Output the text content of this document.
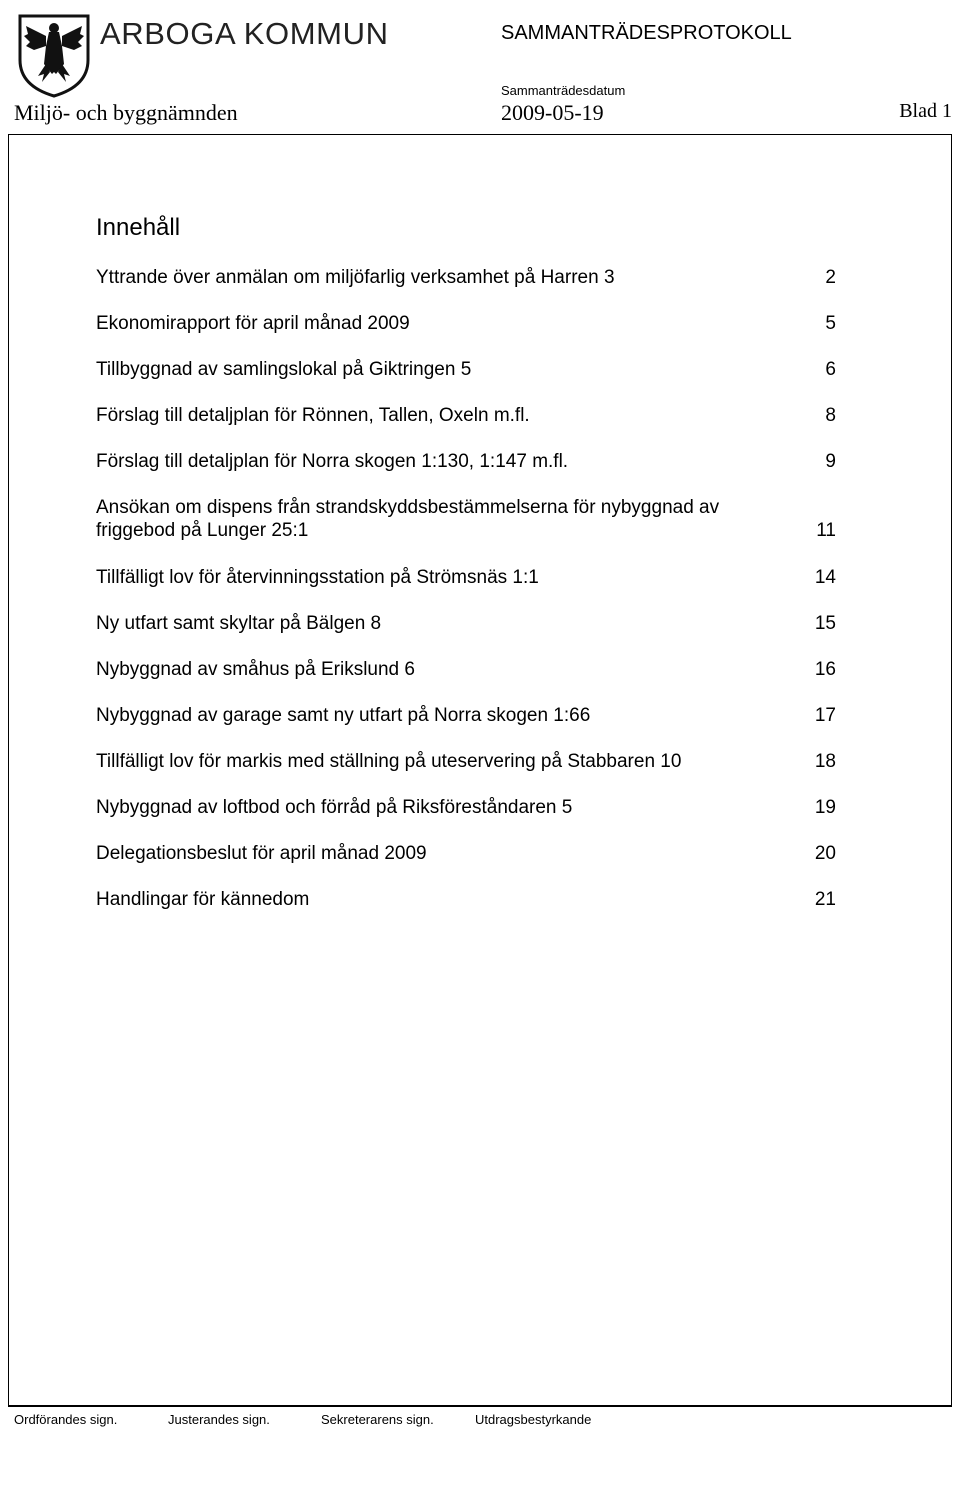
ARBOGA KOMMUN	SAMMANTRÄDESPROTOKOLL
Sammanträdesdatum
Miljö- och byggnämnden	2009-05-19	Blad 1
Innehåll
Yttrande över anmälan om miljöfarlig verksamhet på Harren 3	2
Ekonomirapport för april månad 2009	5
Tillbyggnad av samlingslokal på Giktringen 5	6
Förslag till detaljplan för Rönnen, Tallen, Oxeln m.fl.	8
Förslag till detaljplan för Norra skogen 1:130, 1:147 m.fl.	9
Ansökan om dispens från strandskyddsbestämmelserna för nybyggnad av friggebod på Lunger 25:1	11
Tillfälligt lov för återvinningsstation på Strömsnäs 1:1	14
Ny utfart samt skyltar på Bälgen 8	15
Nybyggnad av småhus på Erikslund 6	16
Nybyggnad av garage samt ny utfart på Norra skogen 1:66	17
Tillfälligt lov för markis med ställning på uteservering på Stabbaren 10	18
Nybyggnad av loftbod och förråd på Riksföreståndaren 5	19
Delegationsbeslut för april månad 2009	20
Handlingar för kännedom	21
Ordförandes sign.	Justerandes sign.	Sekreterarens sign.	Utdragsbestyrkande
